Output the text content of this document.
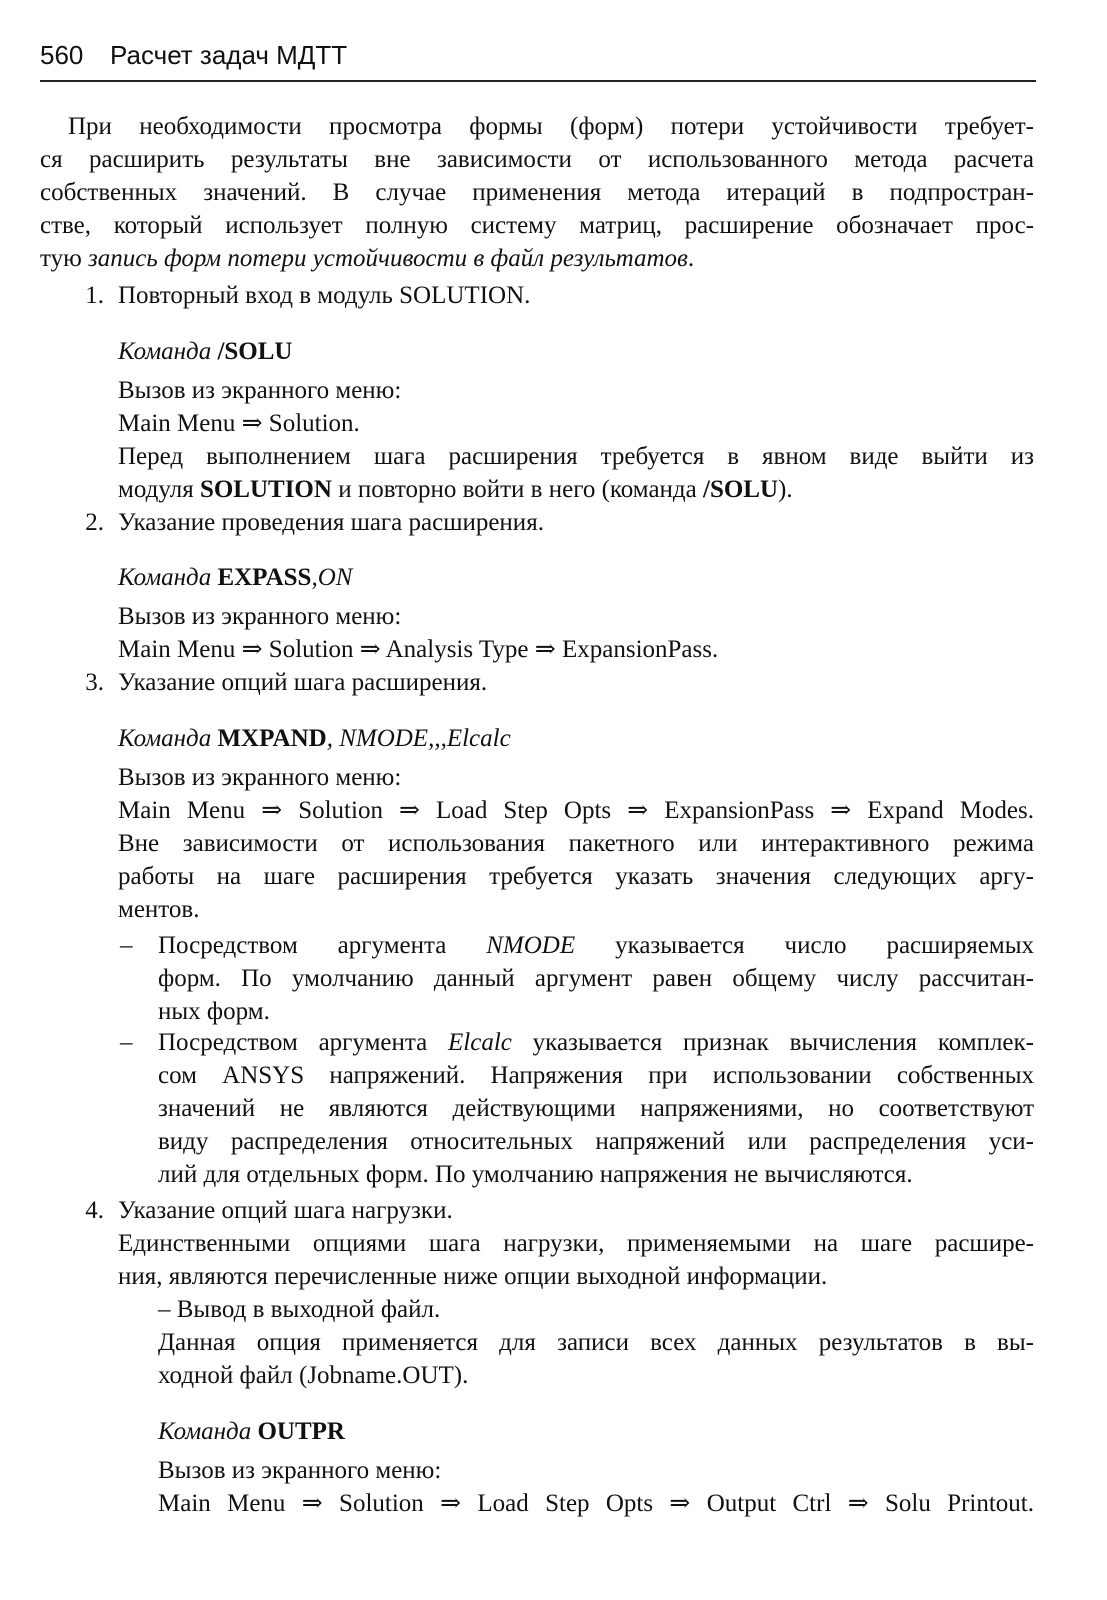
560 Расчет задач МДТТ
При необходимости просмотра формы (форм) потери устойчивости требует-
ся расширить результаты вне зависимости от использованного метода расчета
собственных значений. В случае применения метода итераций в подпростран-
стве, который использует полную систему матриц, расширение обозначает прос-
тую запись форм потери устойчивости в файл результатов.
1. Повторный вход в модуль SOLUTION.
Команда /SOLU
Вызов из экранного меню:
Main Menu ⇒ Solution.
Перед выполнением шага расширения требуется в явном виде выйти из
модуля SOLUTION и повторно войти в него (команда /SOLU).
2. Указание проведения шага расширения.
Команда EXPASS,ON
Вызов из экранного меню:
Main Menu ⇒ Solution ⇒ Analysis Type ⇒ ExpansionPass.
3. Указание опций шага расширения.
Команда MXPAND, NMODE,,,Elcalc
Вызов из экранного меню:
Main Menu ⇒ Solution ⇒ Load Step Opts ⇒ ExpansionPass ⇒ Expand Modes.
Вне зависимости от использования пакетного или интерактивного режима
работы на шаге расширения требуется указать значения следующих аргу-
ментов.
– Посредством аргумента NMODE указывается число расширяемых
форм. По умолчанию данный аргумент равен общему числу рассчитан-
ных форм.
– Посредством аргумента Elcalc указывается признак вычисления комплек-
сом ANSYS напряжений. Напряжения при использовании собственных
значений не являются действующими напряжениями, но соответствуют
виду распределения относительных напряжений или распределения уси-
лий для отдельных форм. По умолчанию напряжения не вычисляются.
4. Указание опций шага нагрузки.
Единственными опциями шага нагрузки, применяемыми на шаге расшире-
ния, являются перечисленные ниже опции выходной информации.
– Вывод в выходной файл.
Данная опция применяется для записи всех данных результатов в вы-
ходной файл (Jobname.OUT).
Команда OUTPR
Вызов из экранного меню:
Main Menu ⇒ Solution ⇒ Load Step Opts ⇒ Output Ctrl ⇒ Solu Printout.
